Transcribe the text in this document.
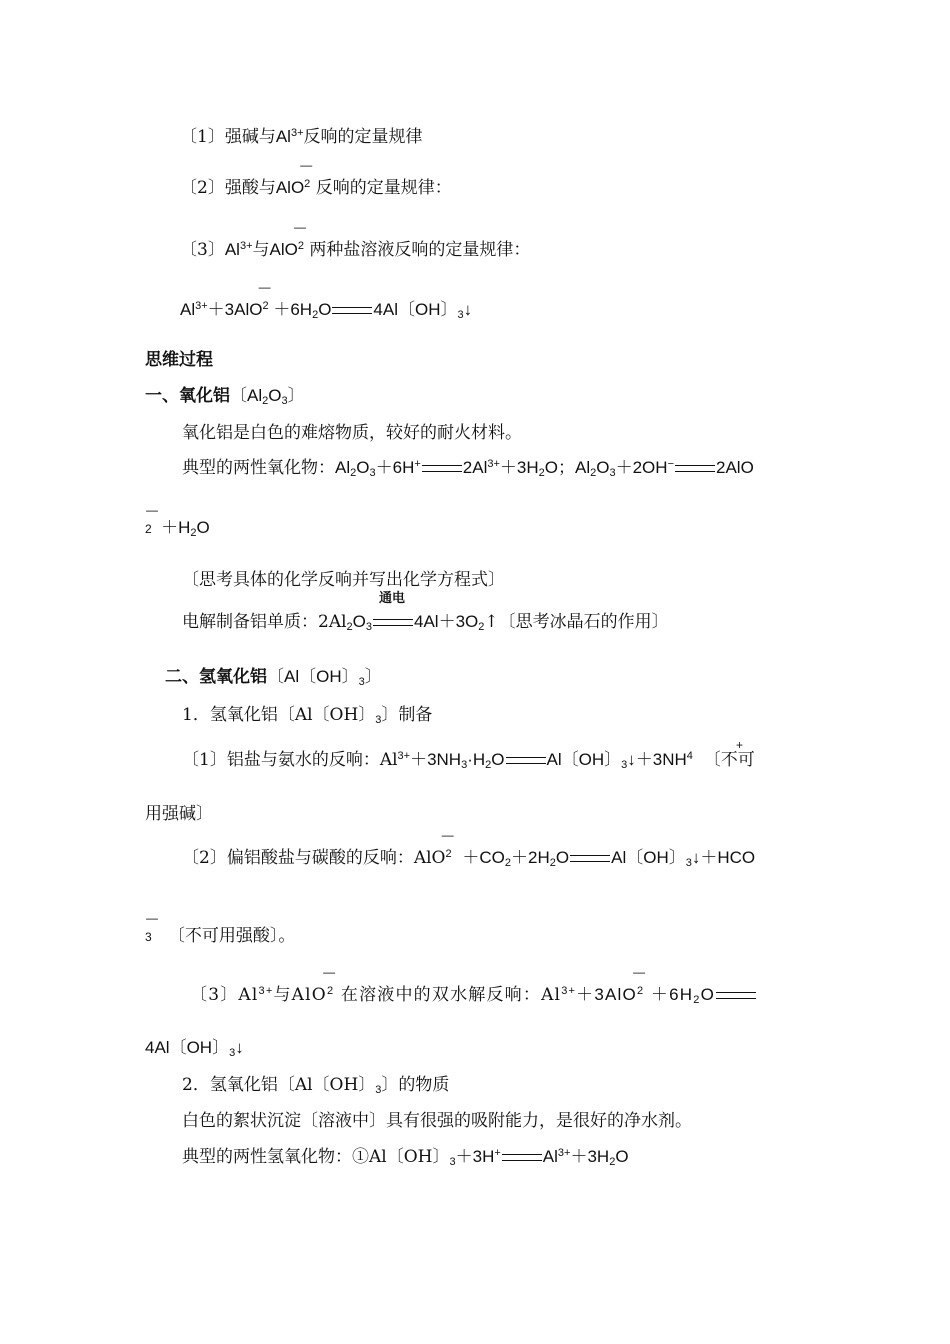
〔1〕强碱与$Al^{3+}$反响的定量规律
〔2〕强酸与AlO$^2$
—
反响的定量规律：
〔3〕$Al^{3+}$与AlO$^2$
—
两种盐溶液反响的定量规律：
$Al^{3+}+3AlO^2$
—
$+6H_2O$ 4Al〔OH〕$_3$↓
思维过程
一、氧化铝〔$Al_2O_3$〕
氧化铝是白色的难熔物质，较好的耐火材料。
典型的两性氧化物：$Al_2O_3+6H^+$ $2Al^{3+}+3H_2O$；$Al_2O_3+2OH^-$ 2AlO
—
$2 +H_2O$
〔思考具体的化学反响并写出化学方程式〕
电解制备铝单质：$2Al_2O_3$
通电
$4Al+3O_2↑$〔思考冰晶石的作用〕
二、氢氧化铝〔Al〔OH〕$_3$〕
1．氢氧化铝〔Al〔OH〕$_3$〕制备
+
〔1〕铝盐与氨水的反响：$Al^{3+}+3NH_3\cdot H_2O$ Al〔OH〕$_3↓+3NH^4$ 〔不可
用强碱〕
〔2〕偏铝酸盐与碳酸的反响：AlO$^2$
—
$+CO_2+2H_2O$ Al〔OH〕$_3$↓＋HCO
—
3 〔不可用强酸〕。
〔3〕$Al^{3+}$与AlO$^2$
—
在溶液中的双水解反响：$Al^{3+}+3AlO^2$
—
$+6H_2O$
4Al〔OH〕$_3$↓
2．氢氧化铝〔Al〔OH〕$_3$〕的物质
白色的絮状沉淀〔溶液中〕具有很强的吸附能力，是很好的净水剂。
典型的两性氢氧化物：①Al〔OH〕$_3$＋3H+ $Al^{3+}+3H_2O$
